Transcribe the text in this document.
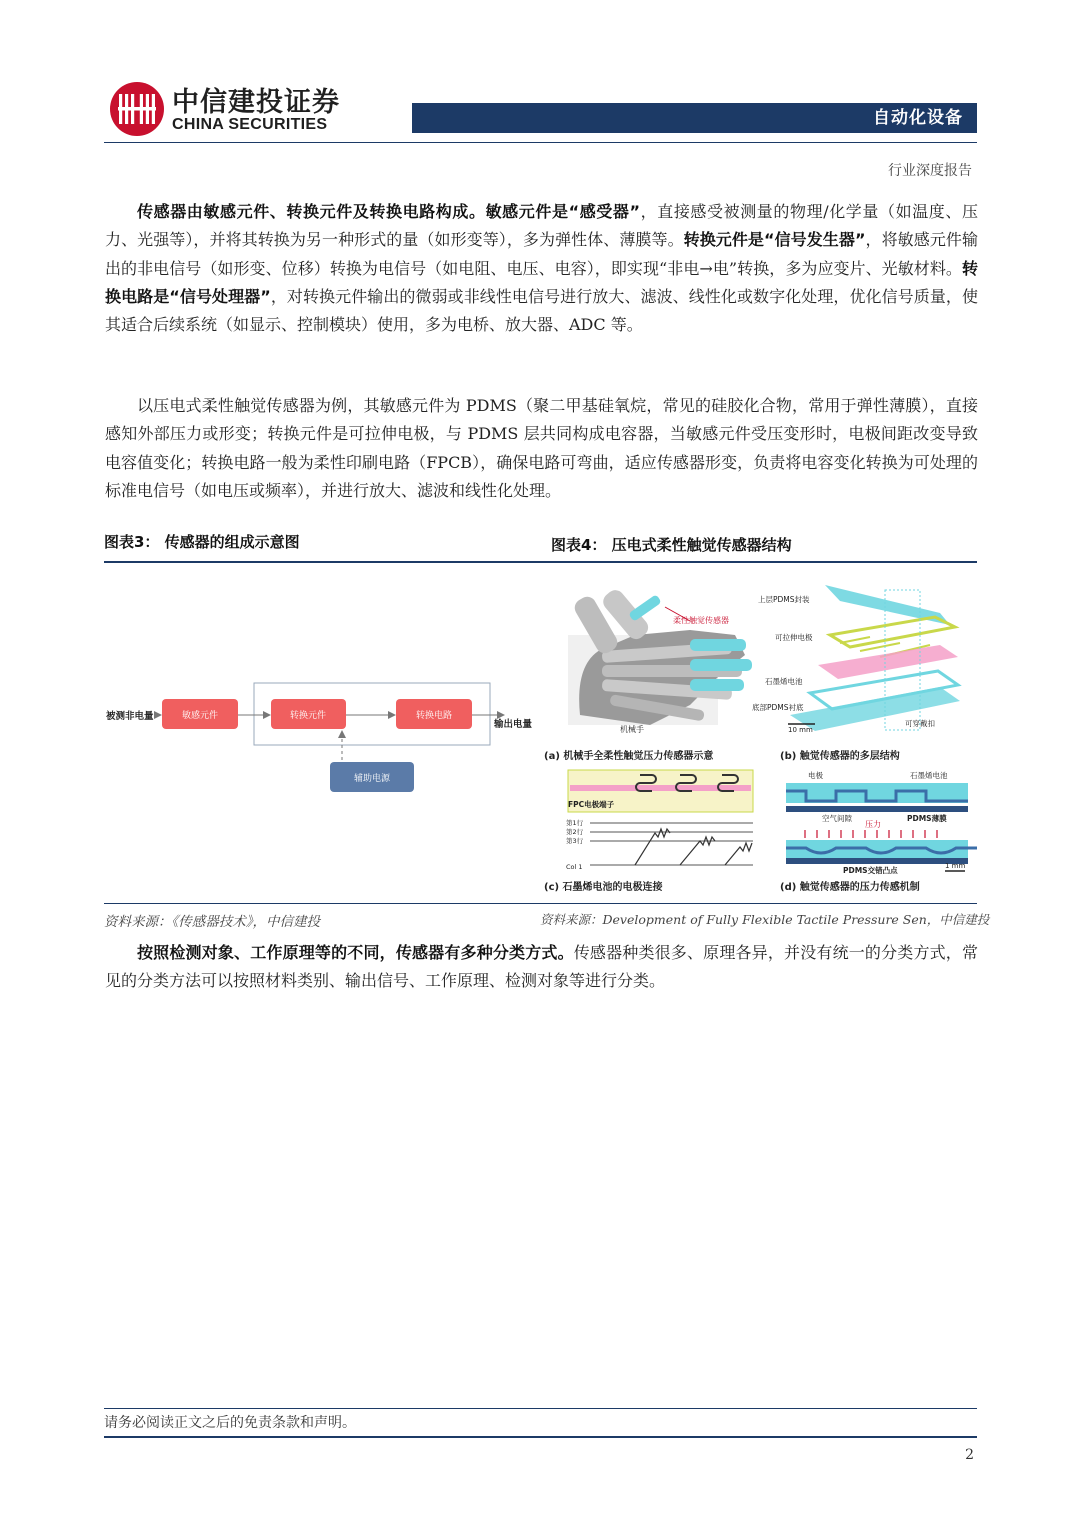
中信建投证券
CHINA SECURITIES	自动化设备
行业深度报告

传感器由敏感元件、转换元件及转换电路构成。敏感元件是“感受器”，直接感受被测量的物理/化学量（如温度、压力、光强等），并将其转换为另一种形式的量（如形变等），多为弹性体、薄膜等。转换元件是“信号发生器”，将敏感元件输出的非电信号（如形变、位移）转换为电信号（如电阻、电压、电容），即实现“非电→电”转换，多为应变片、光敏材料。转换电路是“信号处理器”，对转换元件输出的微弱或非线性电信号进行放大、滤波、线性化或数字化处理，优化信号质量，使其适合后续系统（如显示、控制模块）使用，多为电桥、放大器、ADC 等。

以压电式柔性触觉传感器为例，其敏感元件为 PDMS（聚二甲基硅氧烷，常见的硅胶化合物，常用于弹性薄膜），直接感知外部压力或形变；转换元件是可拉伸电极，与 PDMS 层共同构成电容器，当敏感元件受压变形时，电极间距改变导致电容值变化；转换电路一般为柔性印刷电路（FPCB），确保电路可弯曲，适应传感器形变，负责将电容变化转换为可处理的标准电信号（如电压或频率），并进行放大、滤波和线性化处理。

图表3： 传感器的组成示意图	图表4： 压电式柔性触觉传感器结构
被测非电量	敏感元件	转换元件	转换电路
输出电量
辅助电源
柔性触觉传感器
机械手
(a) 机械手全柔性触觉压力传感器示意
上层PDMS封装
可拉伸电极
石墨烯电池
底部PDMS衬底
10 mm
可穿戴扣
(b) 触觉传感器的多层结构
FPC电极端子
第1行
第2行
第3行
Col 1
(c) 石墨烯电池的电极连接
电极	石墨烯电池
空气间隙
压力
PDMS薄膜
PDMS交错凸点	1 mm
(d) 触觉传感器的压力传感机制
资料来源：《传感器技术》，中信建投	资料来源：Development of Fully Flexible Tactile Pressure Sen，中信建投

按照检测对象、工作原理等的不同，传感器有多种分类方式。传感器种类很多、原理各异，并没有统一的分类方式，常见的分类方法可以按照材料类别、输出信号、工作原理、检测对象等进行分类。

请务必阅读正文之后的免责条款和声明。
2
